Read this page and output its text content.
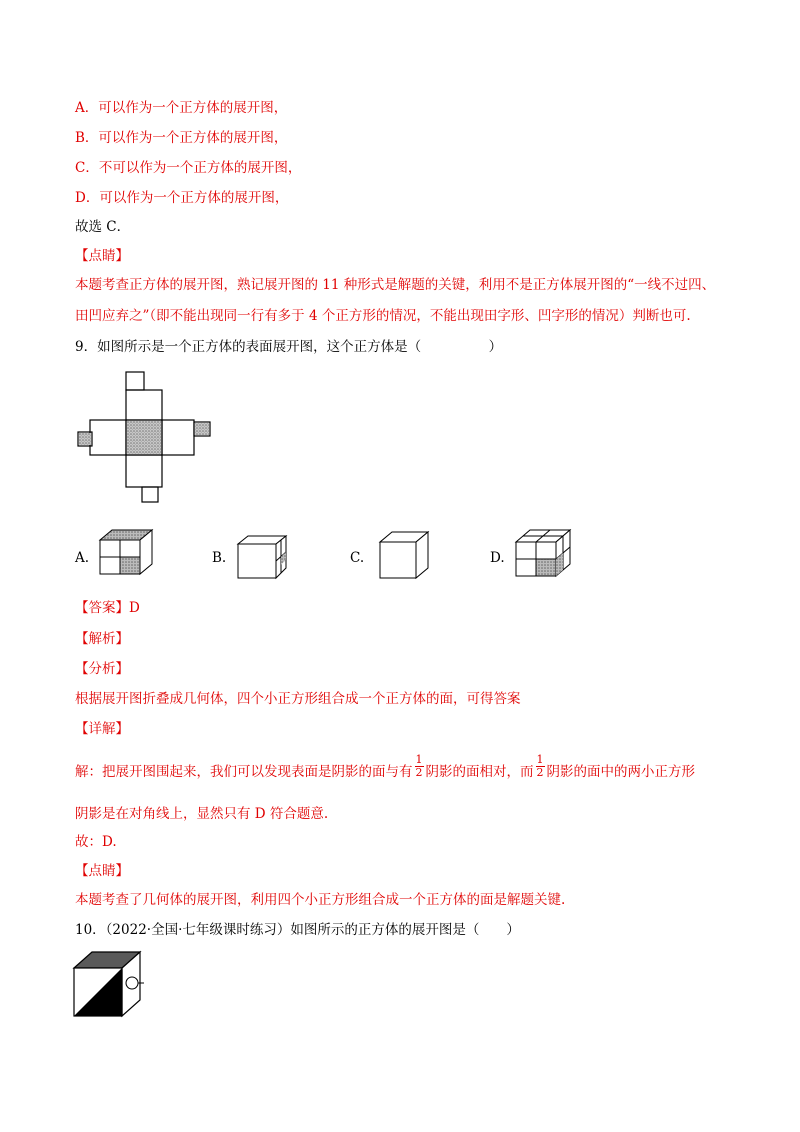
A．可以作为一个正方体的展开图，
B．可以作为一个正方体的展开图，
C．不可以作为一个正方体的展开图，
D．可以作为一个正方体的展开图，
故选 C．
【点睛】
本题考查正方体的展开图，熟记展开图的 11 种形式是解题的关键，利用不是正方体展开图的“一线不过四、
田凹应弃之”（即不能出现同一行有多于 4 个正方形的情况，不能出现田字形、凹字形的情况）判断也可.
9．如图所示是一个正方体的表面展开图，这个正方体是（　　　　　）
A.	B.	C.	D.
【答案】D
【解析】
【分析】
根据展开图折叠成几何体，四个小正方形组合成一个正方体的面，可得答案
【详解】
解：把展开图围起来，我们可以发现表面是阴影的面与有 $\frac{1}{2}$ 阴影的面相对，而 $\frac{1}{2}$ 阴影的面中的两小正方形
阴影是在对角线上，显然只有 D 符合题意.
故：D.
【点睛】
本题考查了几何体的展开图，利用四个小正方形组合成一个正方体的面是解题关键.
10．（2022·全国·七年级课时练习）如图所示的正方体的展开图是（　　）
